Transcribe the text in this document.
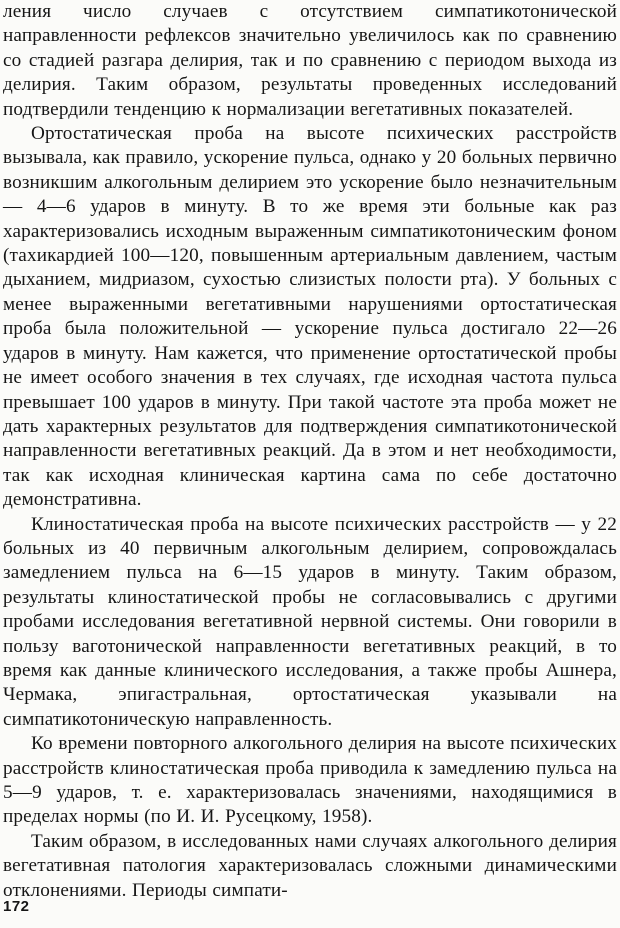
ления число случаев с отсутствием симпатикотонической направленности рефлексов значительно увеличилось как по сравнению со стадией разгара делирия, так и по сравнению с периодом выхода из делирия. Таким образом, результаты проведенных исследований подтвердили тенденцию к нормализации вегетативных показателей.

Ортостатическая проба на высоте психических расстройств вызывала, как правило, ускорение пульса, однако у 20 больных первично возникшим алкогольным делирием это ускорение было незначительным — 4—6 ударов в минуту. В то же время эти больные как раз характеризовались исходным выраженным симпатикотоническим фоном (тахикардией 100—120, повышенным артериальным давлением, частым дыханием, мидриазом, сухостью слизистых полости рта). У больных с менее выраженными вегетативными нарушениями ортостатическая проба была положительной — ускорение пульса достигало 22—26 ударов в минуту. Нам кажется, что применение ортостатической пробы не имеет особого значения в тех случаях, где исходная частота пульса превышает 100 ударов в минуту. При такой частоте эта проба может не дать характерных результатов для подтверждения симпатикотонической направленности вегетативных реакций. Да в этом и нет необходимости, так как исходная клиническая картина сама по себе достаточно демонстративна.

Клиностатическая проба на высоте психических расстройств — у 22 больных из 40 первичным алкогольным делирием, сопровождалась замедлением пульса на 6—15 ударов в минуту. Таким образом, результаты клиностатической пробы не согласовывались с другими пробами исследования вегетативной нервной системы. Они говорили в пользу ваготонической направленности вегетативных реакций, в то время как данные клинического исследования, а также пробы Ашнера, Чермака, эпигастральная, ортостатическая указывали на симпатикотоническую направленность.

Ко времени повторного алкогольного делирия на высоте психических расстройств клиностатическая проба приводила к замедлению пульса на 5—9 ударов, т. е. характеризовалась значениями, находящимися в пределах нормы (по И. И. Русецкому, 1958).

Таким образом, в исследованных нами случаях алкогольного делирия вегетативная патология характеризовалась сложными динамическими отклонениями. Периоды симпати-

172
